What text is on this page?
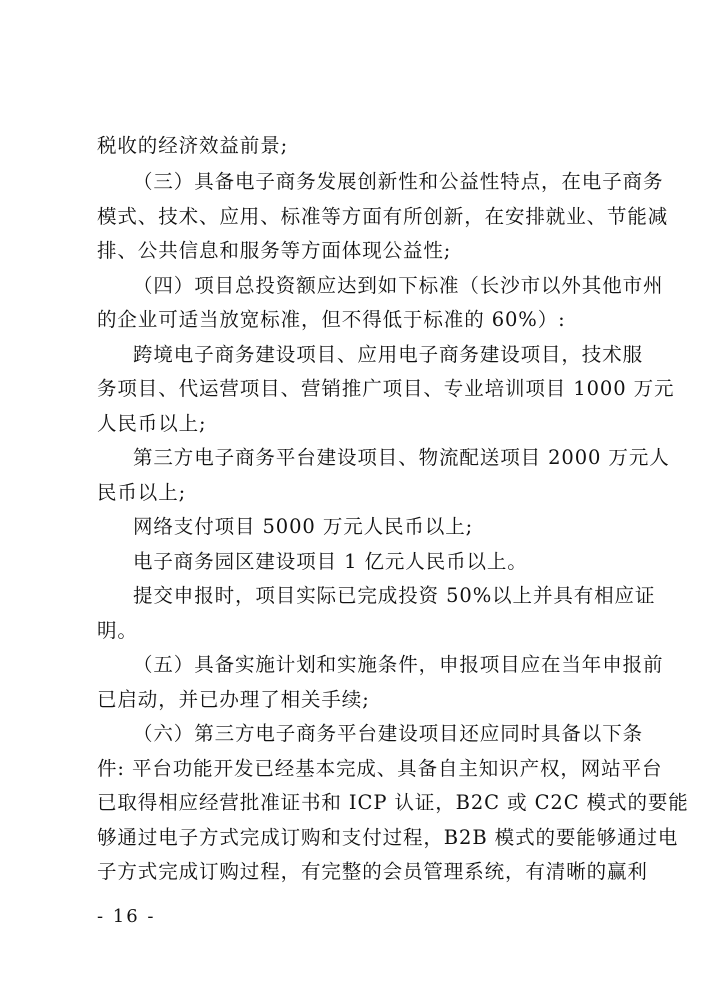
税收的经济效益前景;
（三）具备电子商务发展创新性和公益性特点，在电子商务
模式、技术、应用、标准等方面有所创新，在安排就业、节能减
排、公共信息和服务等方面体现公益性;
（四）项目总投资额应达到如下标准（长沙市以外其他市州
的企业可适当放宽标准，但不得低于标准的 60%）:
跨境电子商务建设项目、应用电子商务建设项目，技术服
务项目、代运营项目、营销推广项目、专业培训项目 1000 万元
人民币以上;
第三方电子商务平台建设项目、物流配送项目 2000 万元人
民币以上;
网络支付项目 5000 万元人民币以上;
电子商务园区建设项目 1 亿元人民币以上。
提交申报时，项目实际已完成投资 50%以上并具有相应证
明。
（五）具备实施计划和实施条件，申报项目应在当年申报前
已启动，并已办理了相关手续;
（六）第三方电子商务平台建设项目还应同时具备以下条
件: 平台功能开发已经基本完成、具备自主知识产权，网站平台
已取得相应经营批准证书和 ICP 认证，B2C 或 C2C 模式的要能
够通过电子方式完成订购和支付过程，B2B 模式的要能够通过电
子方式完成订购过程，有完整的会员管理系统，有清晰的赢利
- 16 -
